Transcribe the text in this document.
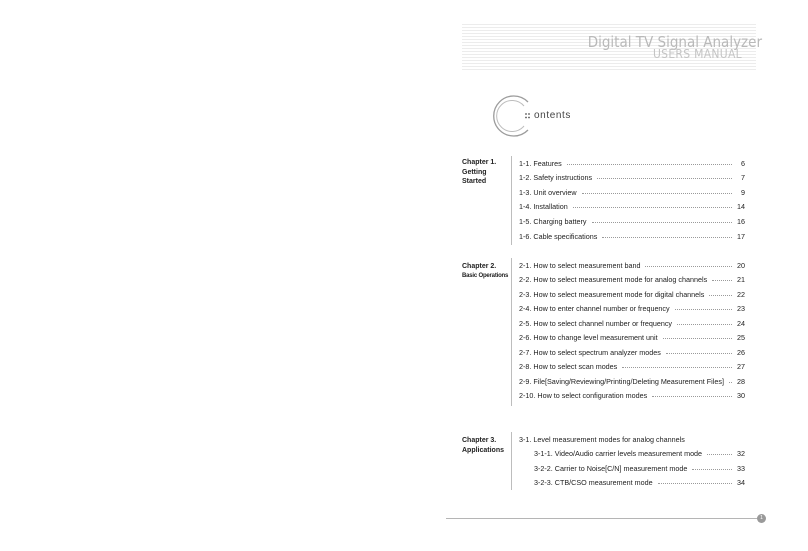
Digital TV Signal Analyzer
USERS MANUAL
ontents
Chapter 1.
Getting Started
1-1. Features	6
1-2. Safety instructions	7
1-3. Unit overview	9
1-4. Installation	14
1-5. Charging battery	16
1-6. Cable specifications	17
Chapter 2.
Basic Operations
2-1. How to select measurement band	20
2-2. How to select measurement mode for analog channels	21
2-3. How to select measurement mode for digital channels	22
2-4. How to enter channel number or frequency	23
2-5. How to select channel number or frequency	24
2-6. How to change level measurement unit	25
2-7. How to select spectrum analyzer modes	26
2-8. How to select scan modes	27
2-9. File[Saving/Reviewing/Printing/Deleting Measurement Files] 28
2-10. How to select configuration modes	30
Chapter 3.
Applications
3-1. Level measurement modes for analog channels
3-1-1. Video/Audio carrier levels measurement mode	32
3-2-2. Carrier to Noise[C/N] measurement mode	33
3-2-3. CTB/CSO measurement mode	34
1
